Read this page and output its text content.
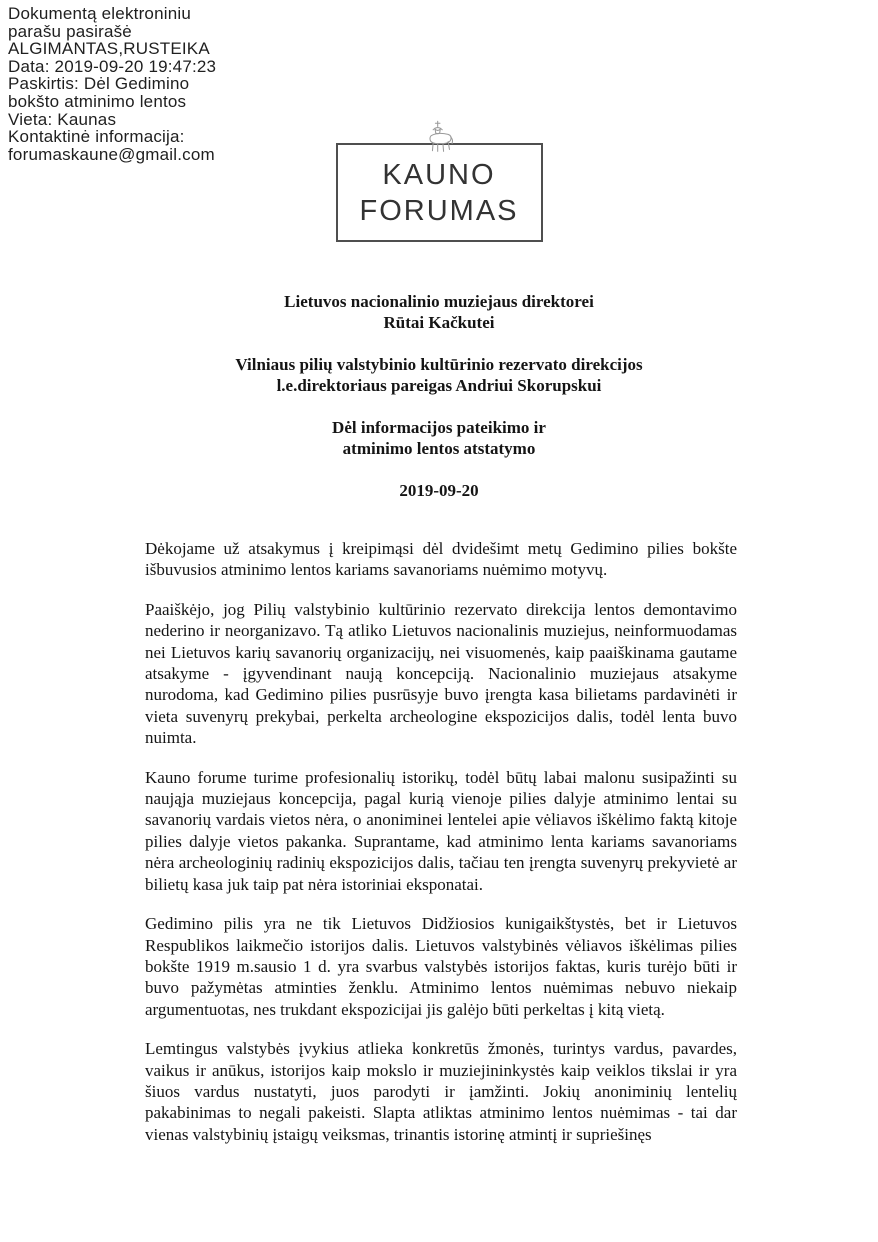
Dokumentą elektroniniu
parašu pasirašė
ALGIMANTAS,RUSTEIKA
Data: 2019-09-20 19:47:23
Paskirtis: Dėl Gedimino
bokšto atminimo lentos
Vieta: Kaunas
Kontaktinė informacija:
forumaskaune@gmail.com
KAUNO
FORUMAS
Lietuvos nacionalinio muziejaus direktorei
Rūtai Kačkutei
Vilniaus pilių valstybinio kultūrinio rezervato direkcijos
l.e.direktoriaus pareigas Andriui Skorupskui
Dėl informacijos pateikimo ir
atminimo lentos atstatymo
2019-09-20

Dėkojame už atsakymus į kreipimąsi dėl dvidešimt metų Gedimino pilies bokšte išbuvusios atminimo lentos kariams savanoriams nuėmimo motyvų.

Paaiškėjo, jog Pilių valstybinio kultūrinio rezervato direkcija lentos demontavimo nederino ir neorganizavo. Tą atliko Lietuvos nacionalinis muziejus, neinformuodamas nei Lietuvos karių savanorių organizacijų, nei visuomenės, kaip paaiškinama gautame atsakyme - įgyvendinant naują koncepciją. Nacionalinio muziejaus atsakyme nurodoma, kad Gedimino pilies pusrūsyje buvo įrengta kasa bilietams pardavinėti ir vieta suvenyrų prekybai, perkelta archeologine ekspozicijos dalis, todėl lenta buvo nuimta.

Kauno forume turime profesionalių istorikų, todėl būtų labai malonu susipažinti su naująja muziejaus koncepcija, pagal kurią vienoje pilies dalyje atminimo lentai su savanorių vardais vietos nėra, o anoniminei lentelei apie vėliavos iškėlimo faktą kitoje pilies dalyje vietos pakanka. Suprantame, kad atminimo lenta kariams savanoriams nėra archeologinių radinių ekspozicijos dalis, tačiau ten įrengta suvenyrų prekyvietė ar bilietų kasa juk taip pat nėra istoriniai eksponatai.

Gedimino pilis yra ne tik Lietuvos Didžiosios kunigaikštystės, bet ir Lietuvos Respublikos laikmečio istorijos dalis. Lietuvos valstybinės vėliavos iškėlimas pilies bokšte 1919 m.sausio 1 d. yra svarbus valstybės istorijos faktas, kuris turėjo būti ir buvo pažymėtas atminties ženklu. Atminimo lentos nuėmimas nebuvo niekaip argumentuotas, nes trukdant ekspozicijai jis galėjo būti perkeltas į kitą vietą.

Lemtingus valstybės įvykius atlieka konkretūs žmonės, turintys vardus, pavardes, vaikus ir anūkus, istorijos kaip mokslo ir muziejininkystės kaip veiklos tikslai ir yra šiuos vardus nustatyti, juos parodyti ir įamžinti. Jokių anoniminių lentelių pakabinimas to negali pakeisti. Slapta atliktas atminimo lentos nuėmimas - tai dar vienas valstybinių įstaigų veiksmas, trinantis istorinę atmintį ir supriešinęs
